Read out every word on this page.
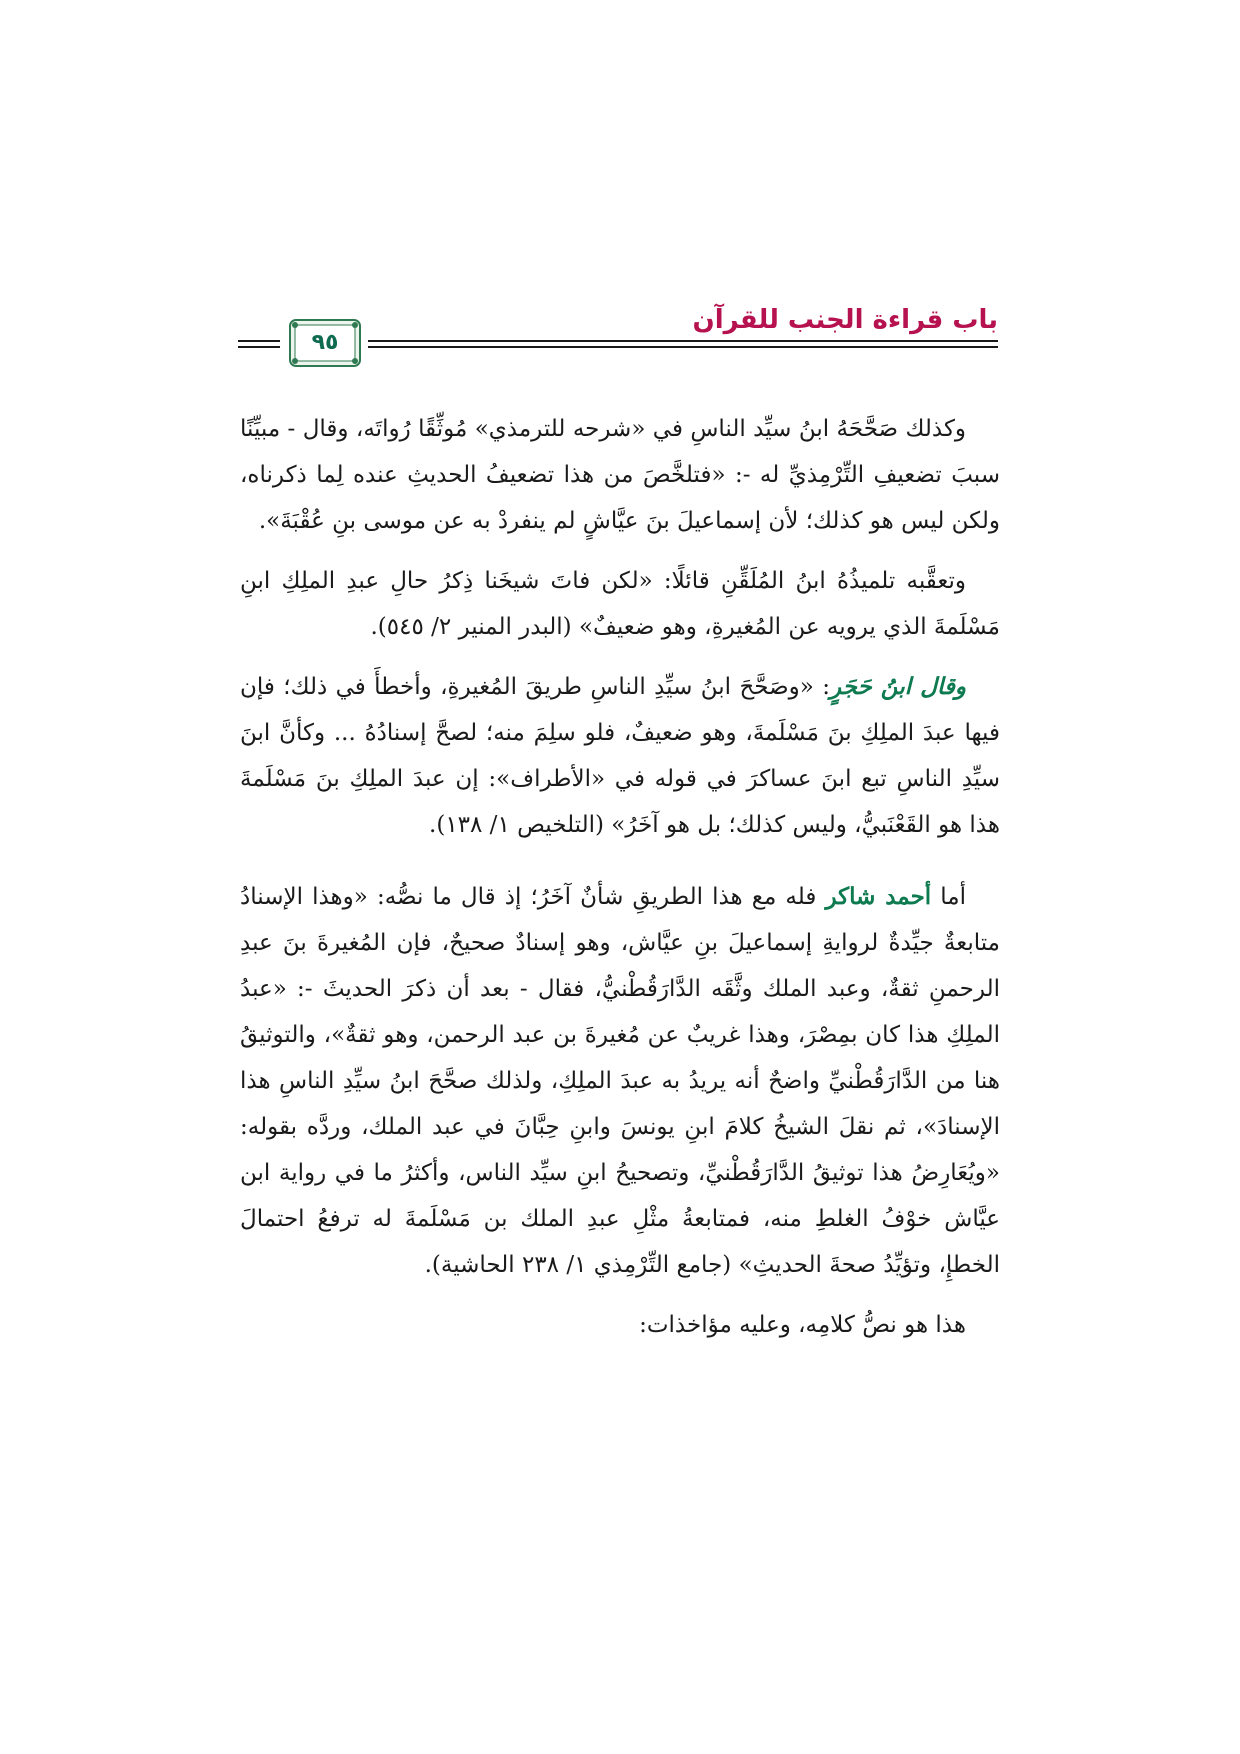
باب قراءة الجنب للقرآن
٩٥

وكذلك صَحَّحَهُ ابنُ سيِّد الناسِ في «شرحه للترمذي» مُوثِّقًا رُواتَه، وقال - مبيِّنًا سببَ تضعيفِ التِّرْمِذيِّ له -: «فتلخَّصَ من هذا تضعيفُ الحديثِ عنده لِما ذكرناه، ولكن ليس هو كذلك؛ لأن إسماعيلَ بنَ عيَّاشٍ لم ينفردْ به عن موسى بنِ عُقْبَةَ».

وتعقَّبه تلميذُهُ ابنُ المُلَقِّنِ قائلًا: «لكن فاتَ شيخَنا ذِكرُ حالِ عبدِ الملِكِ ابنِ مَسْلَمةَ الذي يرويه عن المُغيرةِ، وهو ضعيفٌ» (البدر المنير ٢/ ٥٤٥).

وقال ابنُ حَجَرٍ: «وصَحَّحَ ابنُ سيِّدِ الناسِ طريقَ المُغيرةِ، وأخطأَ في ذلك؛ فإن فيها عبدَ الملِكِ بنَ مَسْلَمةَ، وهو ضعيفٌ، فلو سلِمَ منه؛ لصحَّ إسنادُهُ ... وكأنَّ ابنَ سيِّدِ الناسِ تبع ابنَ عساكرَ في قوله في «الأطراف»: إن عبدَ الملِكِ بنَ مَسْلَمةَ هذا هو القَعْنَبيُّ، وليس كذلك؛ بل هو آخَرُ» (التلخيص ١/ ١٣٨).

أما أحمد شاكر فله مع هذا الطريقِ شأنٌ آخَرُ؛ إذ قال ما نصُّه: «وهذا الإسنادُ متابعةٌ جيِّدةٌ لروايةِ إسماعيلَ بنِ عيَّاش، وهو إسنادٌ صحيحٌ، فإن المُغيرةَ بنَ عبدِ الرحمنِ ثقةٌ، وعبد الملك وثَّقَه الدَّارَقُطْنيُّ، فقال - بعد أن ذكرَ الحديثَ -: «عبدُ الملِكِ هذا كان بمِصْرَ، وهذا غريبٌ عن مُغيرةَ بن عبد الرحمن، وهو ثقةٌ»، والتوثيقُ هنا من الدَّارَقُطْنيِّ واضحٌ أنه يريدُ به عبدَ الملِكِ، ولذلك صحَّحَ ابنُ سيِّدِ الناسِ هذا الإسنادَ»، ثم نقلَ الشيخُ كلامَ ابنِ يونسَ وابنِ حِبَّانَ في عبد الملك، وردَّه بقوله: «ويُعَارِضُ هذا توثيقُ الدَّارَقُطْنيِّ، وتصحيحُ ابنِ سيِّد الناس، وأكثرُ ما في رواية ابن عيَّاش خوْفُ الغلطِ منه، فمتابعةُ مثْلِ عبدِ الملك بن مَسْلَمةَ له ترفعُ احتمالَ الخطإِ، وتؤيِّدُ صحةَ الحديثِ» (جامع التِّرْمِذي ١/ ٢٣٨ الحاشية).

هذا هو نصُّ كلامِه، وعليه مؤاخذات:
